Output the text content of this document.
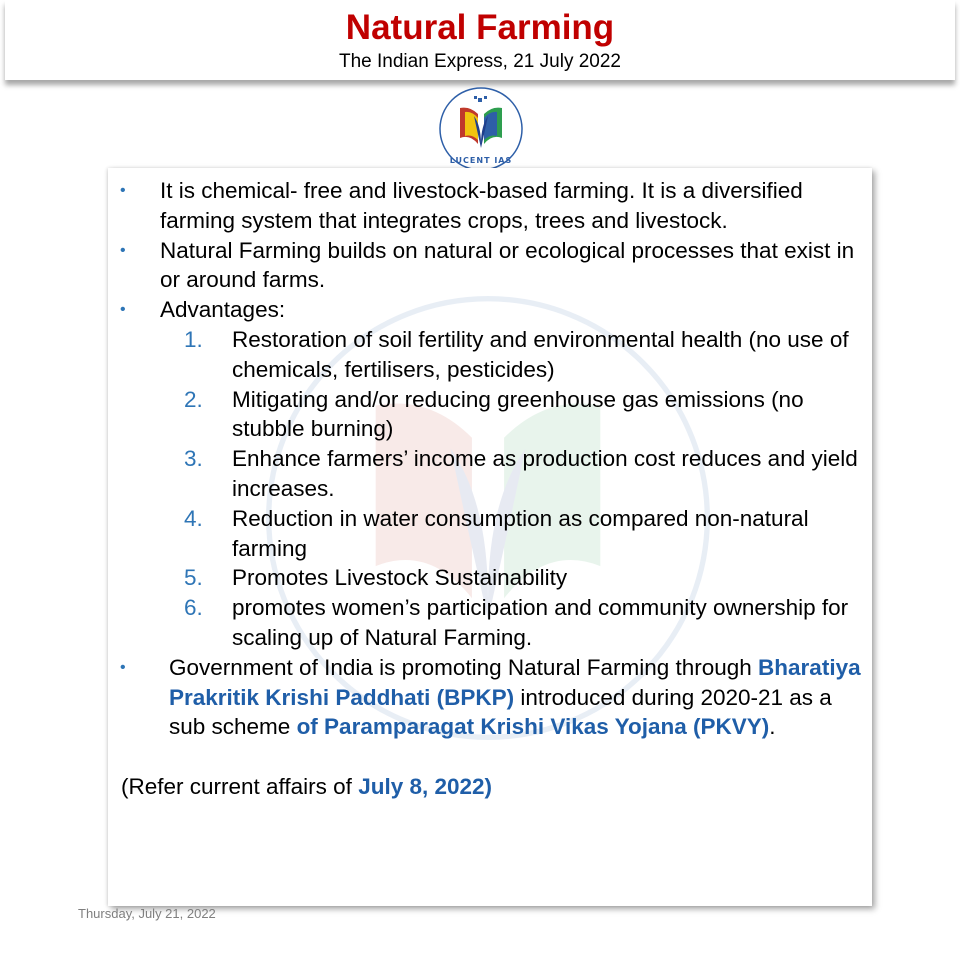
Natural Farming
The Indian Express, 21 July 2022
LUCENT IAS

• It is chemical- free and livestock-based farming. It is a diversified farming system that integrates crops, trees and livestock.

• Natural Farming builds on natural or ecological processes that exist in or around farms.

• Advantages:

1. Restoration of soil fertility and environmental health (no use of chemicals, fertilisers, pesticides)

2. Mitigating and/or reducing greenhouse gas emissions (no stubble burning)

3. Enhance farmers’ income as production cost reduces and yield increases.

4. Reduction in water consumption as compared non-natural farming

5. Promotes Livestock Sustainability

6. promotes women’s participation and community ownership for scaling up of Natural Farming.

• Government of India is promoting Natural Farming through Bharatiya Prakritik Krishi Paddhati (BPKP) introduced during 2020-21 as a sub scheme of Paramparagat Krishi Vikas Yojana (PKVY).

(Refer current affairs of July 8, 2022)

Thursday, July 21, 2022
